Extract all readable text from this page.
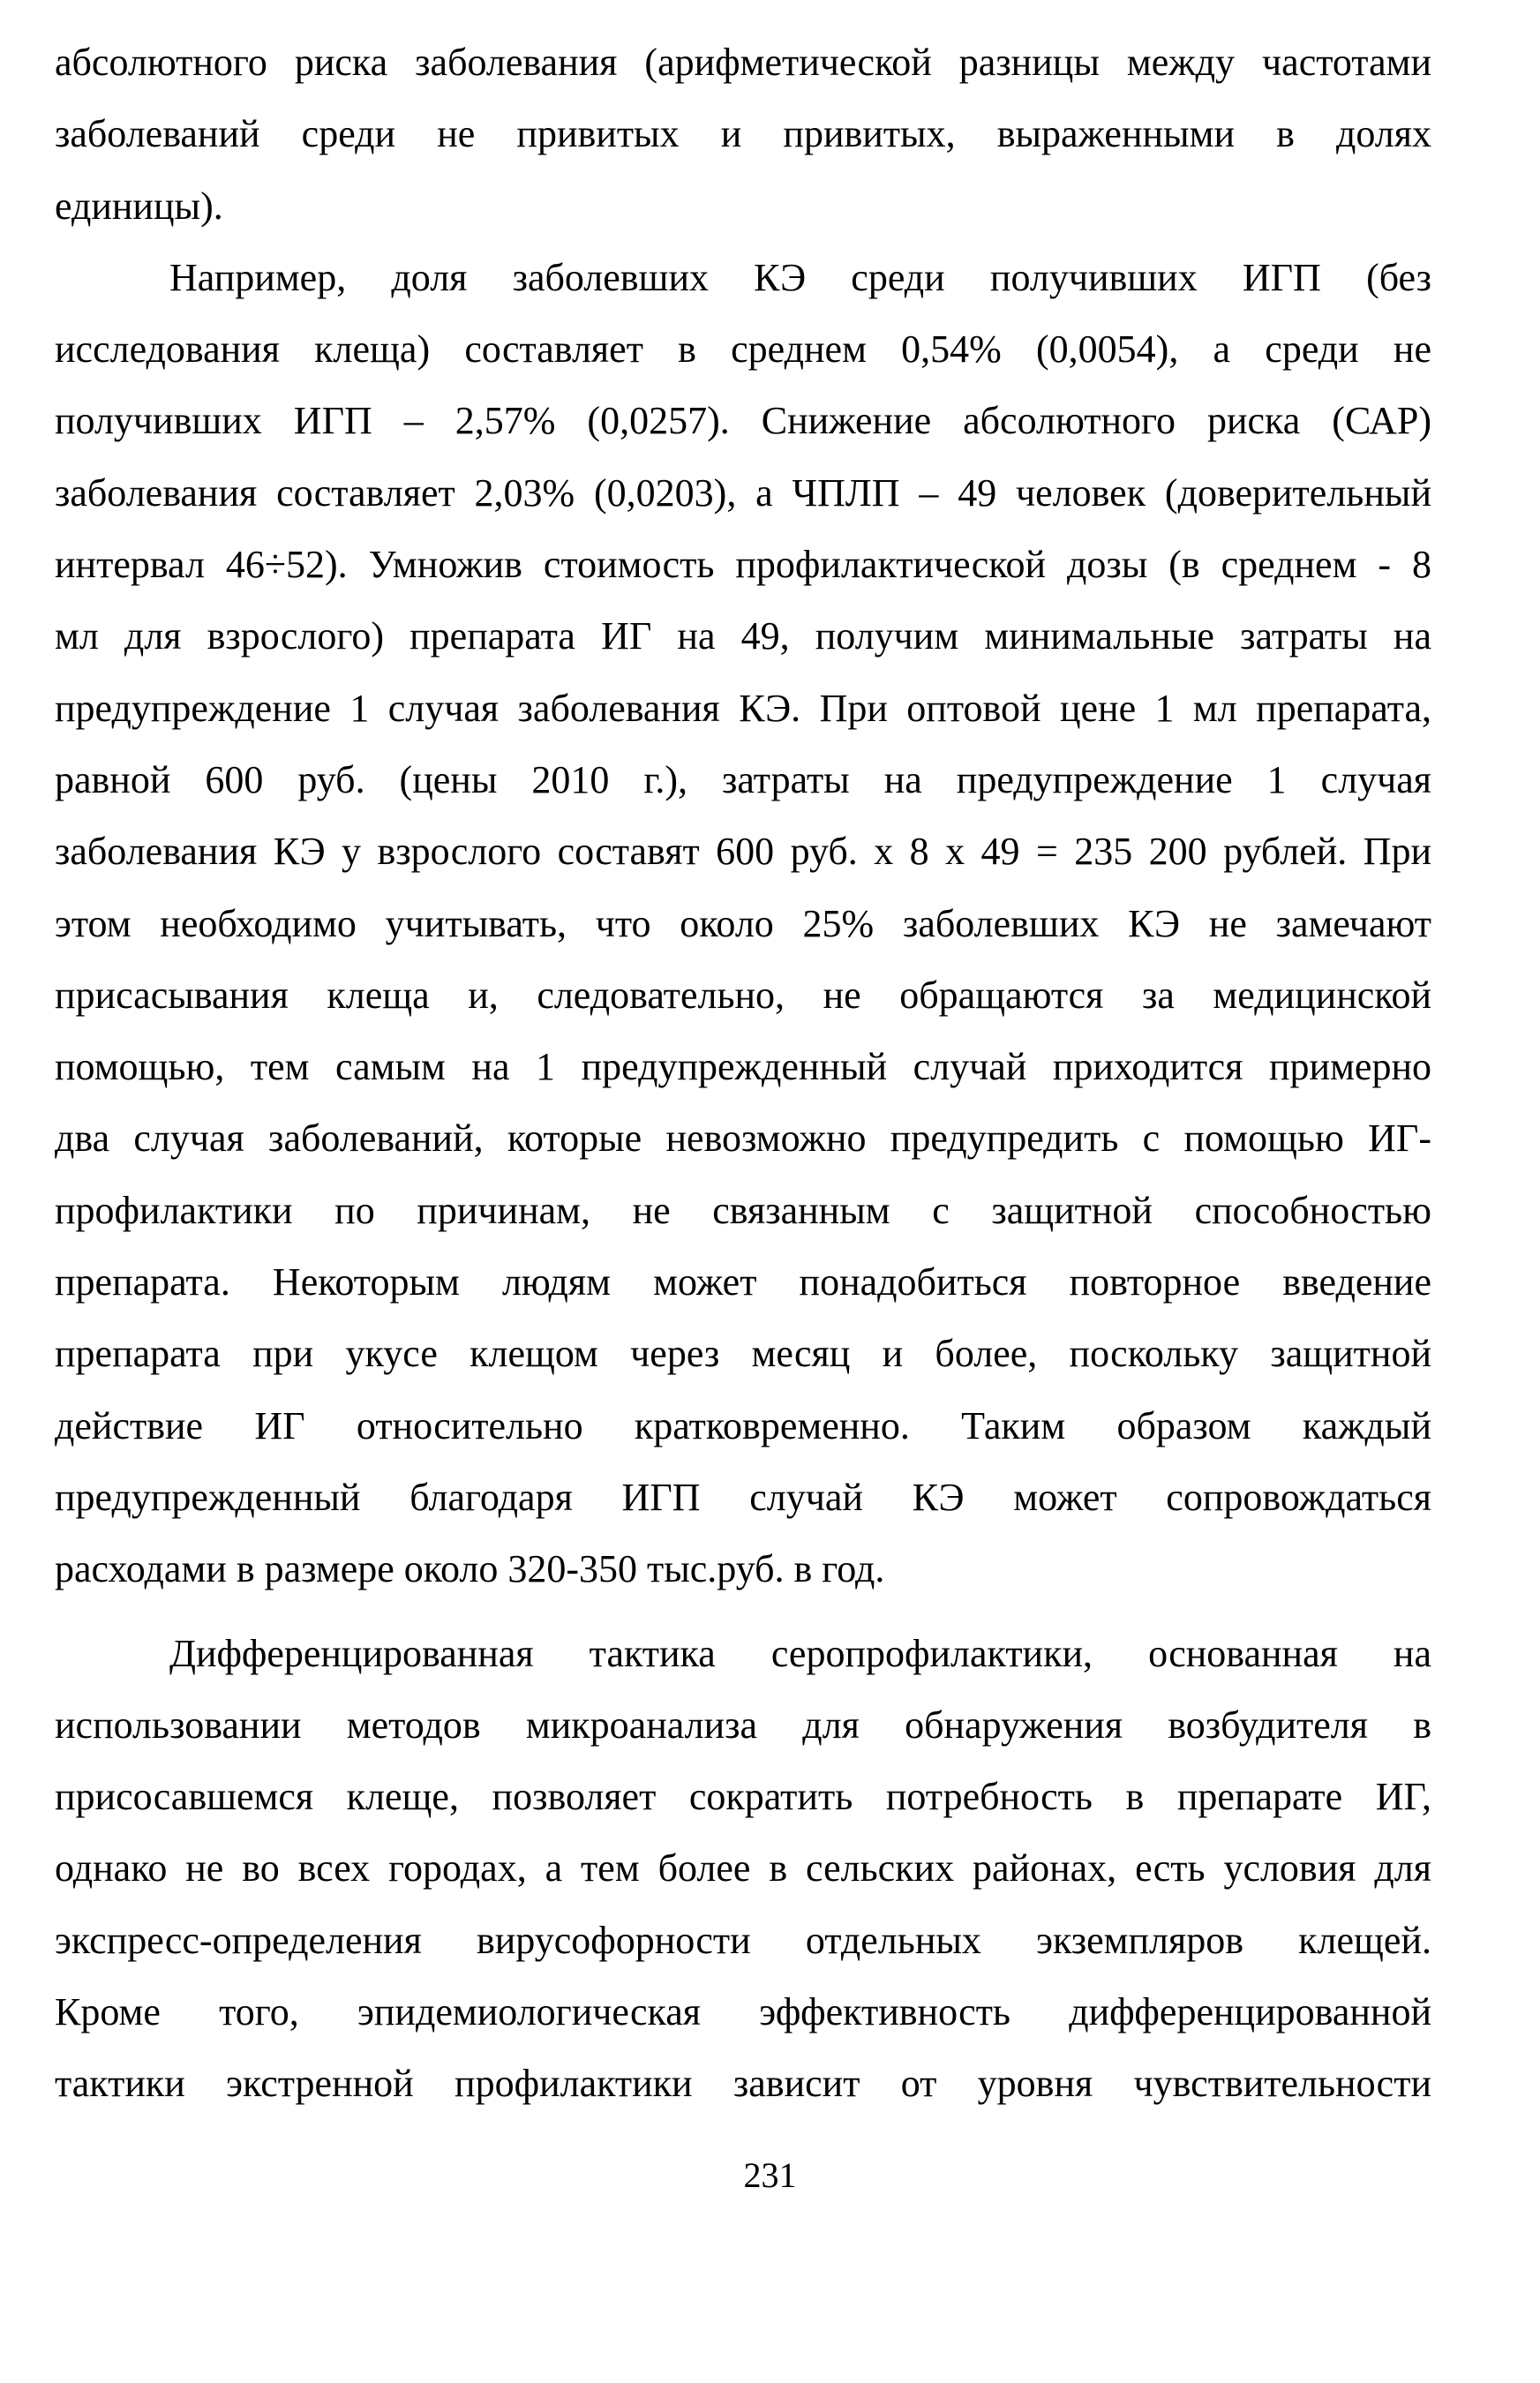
абсолютного риска заболевания (арифметической разницы между частотами
заболеваний среди не привитых и привитых, выраженными в долях
единицы).
Например, доля заболевших КЭ среди получивших ИГП (без
исследования клеща) составляет в среднем 0,54% (0,0054), а среди не
получивших ИГП – 2,57% (0,0257). Снижение абсолютного риска (САР)
заболевания составляет 2,03% (0,0203), а ЧПЛП – 49 человек (доверительный
интервал 46÷52). Умножив стоимость профилактической дозы (в среднем - 8
мл для взрослого) препарата ИГ на 49, получим минимальные затраты на
предупреждение 1 случая заболевания КЭ. При оптовой цене 1 мл препарата,
равной 600 руб. (цены 2010 г.), затраты на предупреждение 1 случая
заболевания КЭ у взрослого составят 600 руб. х 8 х 49 = 235 200 рублей. При
этом необходимо учитывать, что около 25% заболевших КЭ не замечают
присасывания клеща и, следовательно, не обращаются за медицинской
помощью, тем самым на 1 предупрежденный случай приходится примерно
два случая заболеваний, которые невозможно предупредить с помощью ИГ-
профилактики по причинам, не связанным с защитной способностью
препарата. Некоторым людям может понадобиться повторное введение
препарата при укусе клещом через месяц и более, поскольку защитной
действие ИГ относительно кратковременно. Таким образом каждый
предупрежденный благодаря ИГП случай КЭ может сопровождаться
расходами в размере около 320-350 тыс.руб. в год.
Дифференцированная тактика серопрофилактики, основанная на
использовании методов микроанализа для обнаружения возбудителя в
присосавшемся клеще, позволяет сократить потребность в препарате ИГ,
однако не во всех городах, а тем более в сельских районах, есть условия для
экспресс-определения вирусофорности отдельных экземпляров клещей.
Кроме того, эпидемиологическая эффективность дифференцированной
тактики экстренной профилактики зависит от уровня чувствительности
231
